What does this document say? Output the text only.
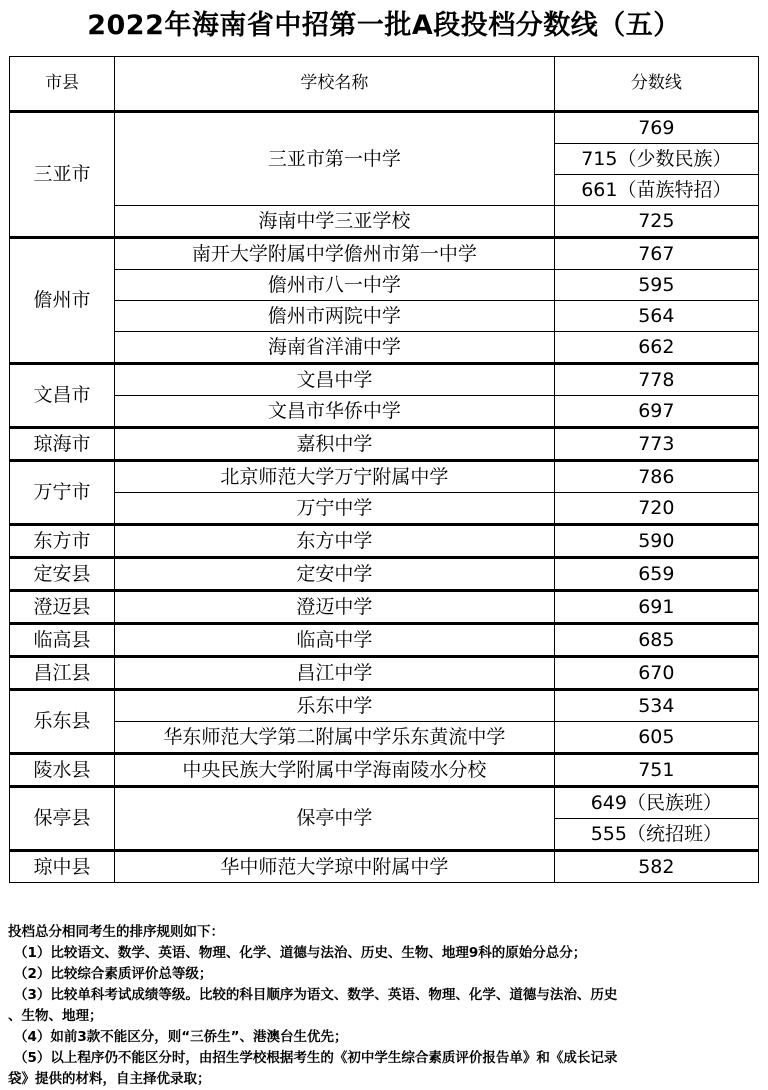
2022年海南省中招第一批A段投档分数线（五）
市县	学校名称	分数线
三亚市	三亚市第一中学	769
		715（少数民族）
		661（苗族特招）
	海南中学三亚学校	725
儋州市	南开大学附属中学儋州市第一中学	767
	儋州市八一中学	595
	儋州市两院中学	564
	海南省洋浦中学	662
文昌市	文昌中学	778
	文昌市华侨中学	697
琼海市	嘉积中学	773
万宁市	北京师范大学万宁附属中学	786
	万宁中学	720
东方市	东方中学	590
定安县	定安中学	659
澄迈县	澄迈中学	691
临高县	临高中学	685
昌江县	昌江中学	670
乐东县	乐东中学	534
	华东师范大学第二附属中学乐东黄流中学	605
陵水县	中央民族大学附属中学海南陵水分校	751
保亭县	保亭中学	649（民族班）
		555（统招班）
琼中县	华中师范大学琼中附属中学	582

投档总分相同考生的排序规则如下：

（1）比较语文、数学、英语、物理、化学、道德与法治、历史、生物、地理9科的原始分总分；

（2）比较综合素质评价总等级；

（3）比较单科考试成绩等级。比较的科目顺序为语文、数学、英语、物理、化学、道德与法治、历史

、生物、地理；

（4）如前3款不能区分，则“三侨生”、港澳台生优先；

（5）以上程序仍不能区分时，由招生学校根据考生的《初中学生综合素质评价报告单》和《成长记录

袋》提供的材料，自主择优录取；
